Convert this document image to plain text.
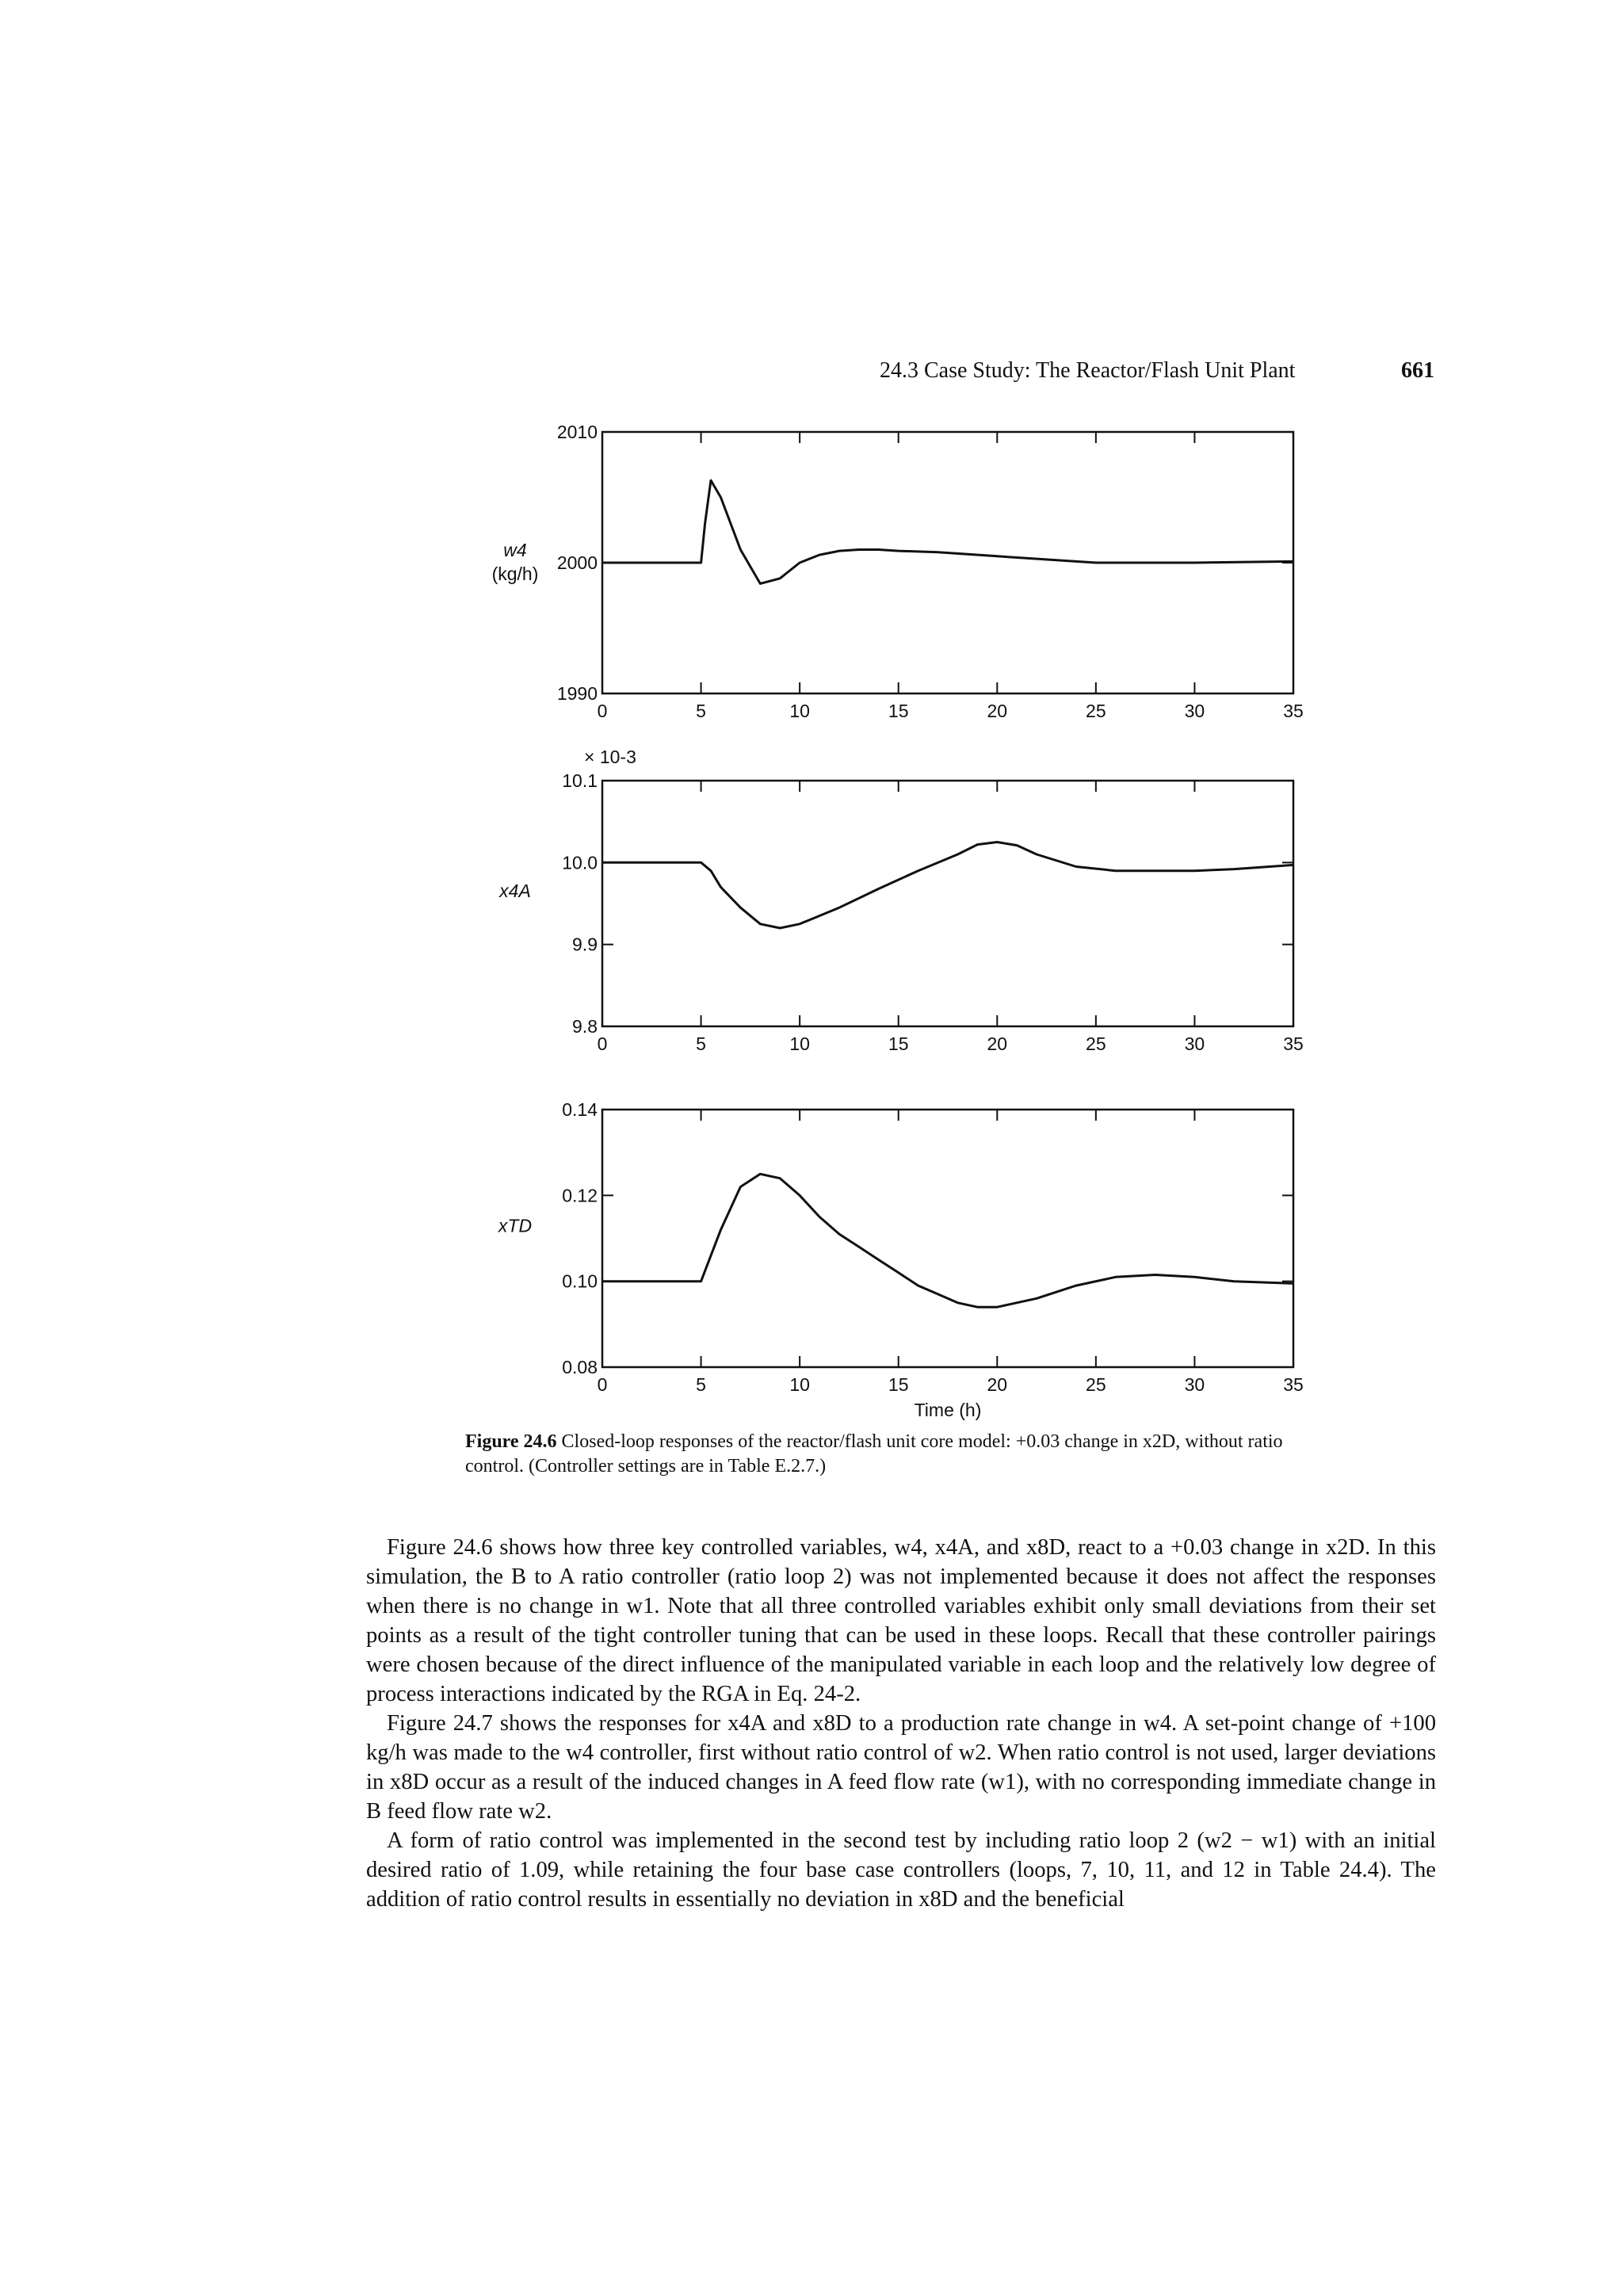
24.3 Case Study: The Reactor/Flash Unit Plant	661
0	5	10	15	20	25	30	35
1990
2000
2010
w4
(kg/h)
0	5	10	15	20	25	30	35
9.8
9.9
10.0
10.1
x4A
× 10-3
0	5	10	15	20	25	30	35
0.08
0.10
0.12
0.14
xTD
Time (h)
Figure 24.6 Closed-loop responses of the reactor/flash unit core model: +0.03 change in x2D, without ratio control. (Controller settings are in Table E.2.7.)

Figure 24.6 shows how three key controlled variables, w4, x4A, and x8D, react to a +0.03 change in x2D. In this simulation, the B to A ratio controller (ratio loop 2) was not implemented because it does not affect the responses when there is no change in w1. Note that all three controlled variables exhibit only small deviations from their set points as a result of the tight controller tuning that can be used in these loops. Recall that these controller pairings were chosen because of the direct influence of the manipulated variable in each loop and the relatively low degree of process interactions indicated by the RGA in Eq. 24-2.

Figure 24.7 shows the responses for x4A and x8D to a production rate change in w4. A set-point change of +100 kg/h was made to the w4 controller, first without ratio control of w2. When ratio control is not used, larger deviations in x8D occur as a result of the induced changes in A feed flow rate (w1), with no corresponding immediate change in B feed flow rate w2.

A form of ratio control was implemented in the second test by including ratio loop 2 (w2 − w1) with an initial desired ratio of 1.09, while retaining the four base case controllers (loops, 7, 10, 11, and 12 in Table 24.4). The addition of ratio control results in essentially no deviation in x8D and the beneficial
